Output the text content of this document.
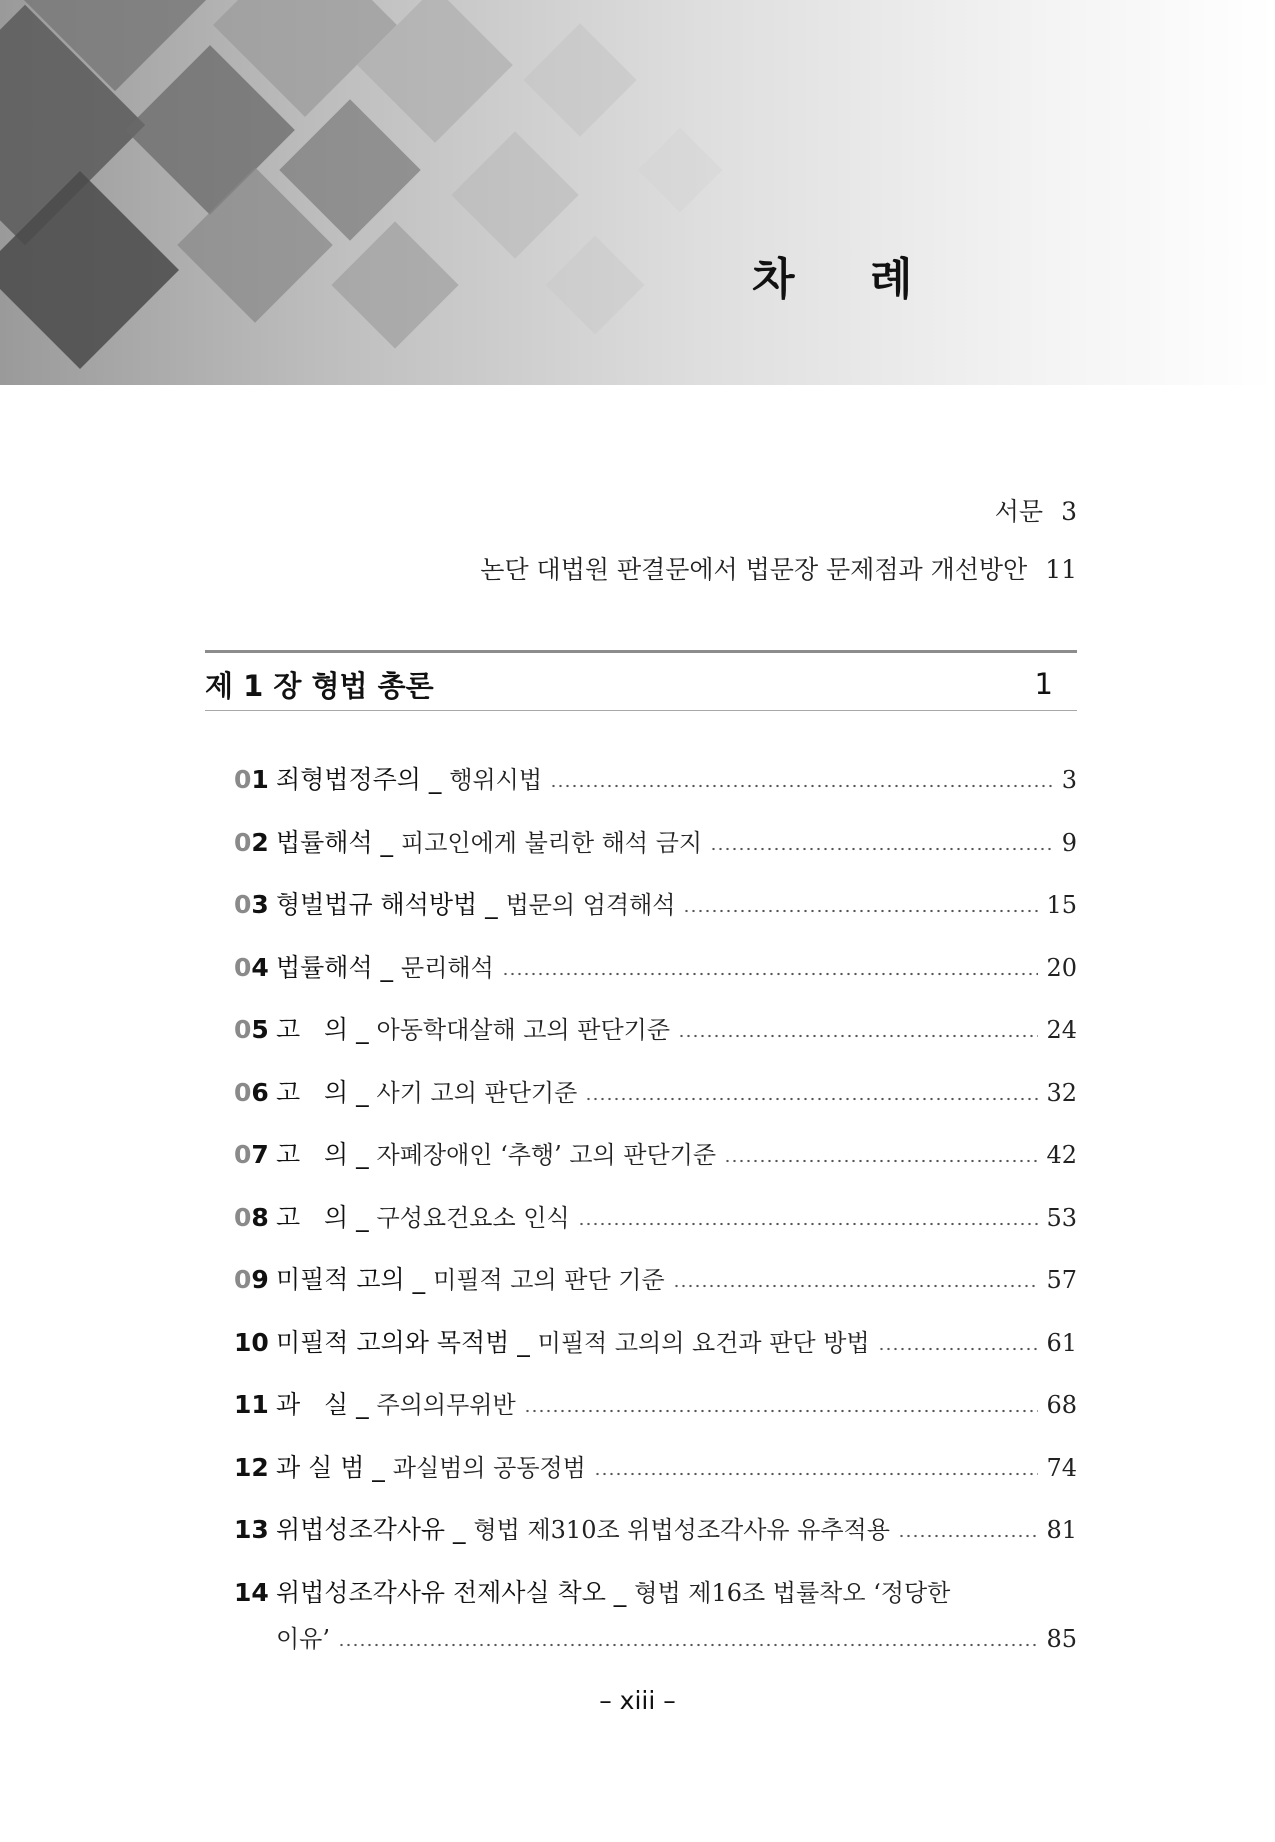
차 례
서문 3
논단 대법원 판결문에서 법문장 문제점과 개선방안 11
제 1 장 형법 총론	1
01 죄형법정주의 _ 행위시법	3
02 법률해석 _ 피고인에게 불리한 해석 금지	9
03 형벌법규 해석방법 _ 법문의 엄격해석	15
04 법률해석 _ 문리해석	20
05 고   의 _ 아동학대살해 고의 판단기준	24
06 고   의 _ 사기 고의 판단기준	32
07 고   의 _ 자폐장애인 ‘추행’ 고의 판단기준	42
08 고   의 _ 구성요건요소 인식	53
09 미필적 고의 _ 미필적 고의 판단 기준	57
10 미필적 고의와 목적범 _ 미필적 고의의 요건과 판단 방법	61
11 과   실 _ 주의의무위반	68
12 과 실 범 _ 과실범의 공동정범	74
13 위법성조각사유 _ 형법 제310조 위법성조각사유 유추적용	81
14 위법성조각사유 전제사실 착오 _ 형법 제16조 법률착오 ‘정당한
이유’	85
– xiii –
